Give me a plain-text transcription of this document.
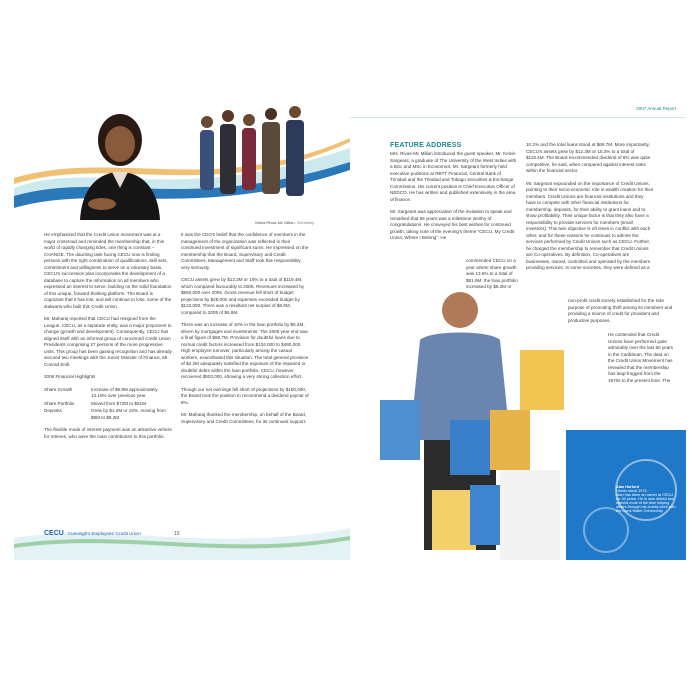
Maria Rivas-Mc Millan, Secretary

He emphasized that the Credit Union movement was at a major crossroad and reminded the membership that, in this world of rapidly changing tides, one thing is constant – CHANGE. The daunting task facing CECU now is finding persons with the right combination of qualifications, skill sets, commitment and willingness to serve on a voluntary basis. CECU's succession plan incorporates the development of a database to capture the information on all members who expressed an interest to serve, building on the solid foundation of this unique, forward-thinking platform. The Board is cognizant that it has lost, and will continue to lose, some of the stalwarts who built this Credit Union.

Mr. Maharaj reported that CECU had resigned from the League. CECU, as a separate entity, was a major proponent to change (growth and development). Consequently, CECU has aligned itself with an informal group of concerned Credit Union Presidents comprising 27 persons of the more progressive units. This group has been gaining recognition and has already secured two meetings with the Junior Minister of Finance, Mr. Conrad Enill.

2006 Financial Highlights

Share Growth	Increase of $9.9M approximately 13.16% over previous year
Share Portfolio	Moved from $72M to $81M.
Deposits	Grew by $1.2M or 15%, moving from $8M to $9.2M

The flexible mode of interest payment was an attractive vehicle for retirees, who were the main contributors to this portfolio.

It was the CEO's belief that the confidence of members in the management of the organization was reflected in their continued investment of significant sums. He impressed on the membership that the Board, Supervisory and Credit Committees, Management and Staff took this responsibility very seriously.

CECU assets grew by $12.3M or 10% to a total of $119.4M, which compared favourably to 2005. Revenues increased by $850,000 over 2005. Gross revenue fell short of budget projections by $28,000 and expenses exceeded budget by $122,000. There was a resultant net surplus of $6.6M, compared to 2005 of $6.6M.

There was an increase of 10% in the loan portfolio by $6.3M, driven by mortgages and investments. The 2006 year end saw a final figure of $68.7M. Provision for doubtful loans due to normal credit factors increased from $134,000 to $460,000. High employee turnover, particularly among the casual workers, exacerbated this situation. The total general provision of $2.2M adequately satisfied the exposure of the impaired or doubtful debts within the loan portfolio. CECU, however, recovered $503,000, showing a very strong collection effort.

Though our net earnings fell short of projections by $150,000, the Board took the position to recommend a dividend payout of 8%.

Mr. Maharaj thanked the membership, on behalf of the Board, Supervisory and Credit Committees, for its continued support.

CECU Cunningh's Employees' Credit Union	10
2007 Annual Report
FEATURE ADDRESS

Mrs. Rivas-Mc Millan introduced the guest speaker, Mr. Kelvin Sargeant, a graduate of The University of the West Indies with a BSc and MSc in Economics. Mr. Sargeant formerly held executive positions at RBTT Financial, Central Bank of Trinidad and the Trinidad and Tobago Securities & Exchange Commission. His current position is Chief Executive Officer of NEDCO. He has written and published extensively in the area of finance.

Mr. Sargeant was appreciative of the invitation to speak and remarked that 55 years was a milestone worthy of congratulations. He conveyed his best wishes for continued growth, taking note of the evening's theme "CECU, My Credit Union, Where I Belong". He

commended CECU on a year where share growth was 13.6% to a total of $81.9M, the loan portfolio increased by $6.2M or

10.2% and the total loans stood at $68.7M. More importantly, CECU's assets grew by $12.3M or 10.3% to a total of $119.4M. The Board recommended dividend of 8% was quite competitive, he said, when compared against interest rates within the financial sector.

Mr. Sargeant expounded on the importance of Credit Unions, pointing to their socio-economic role in wealth creation for their members. Credit Unions are financial institutions and they have to compete with other financial institutions for membership, deposits, for their ability to grant loans and to show profitability. Their unique factor is that they also have a responsibility to provide services for members (small investors). This twin objective is oft times in conflict with each other, and for these reasons he continues to admire the services performed by Credit Unions such as CECU. Further, he charged the membership to remember that Credit Unions are Co-operatives. By definition, Co-operatives are businesses, owned, controlled and operated by the members providing services. In some societies, they were defined as a

non-profit credit society established for the sole purpose of promoting thrift among its members and providing a source of credit for provident and productive purposes.

He contended that Credit Unions have performed quite admirably over the last 50 years in the Caribbean. The data on the Credit Union Movement has revealed that the membership has leap-frogged from the 1970s to the present time. The

Alan Harford
Owner since 1976
Alan has been an owner at CECU for 32 years. He is now retired and spends most of his time helping others through his charity work with the Lions Water Community.
